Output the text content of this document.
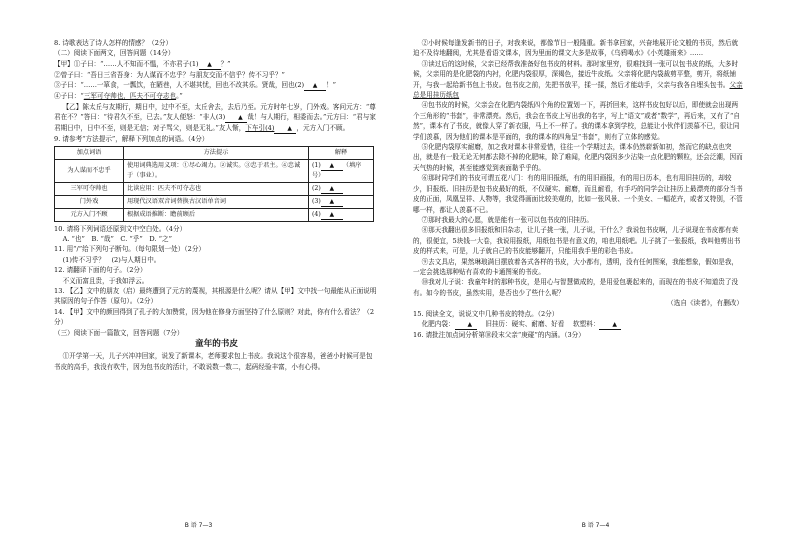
8. 诗歌表达了诗人怎样的情感？（2分）

（二）阅读下面两文，回答问题（14分）

【甲】①子曰：“……人不知而不愠，不亦君子(1) ▲ ？”

②曾子曰：“吾日三省吾身：为人谋而不忠乎？与朋友交而不信乎？传不习乎？”

③子曰：“……一箪食，一瓢饮，在陋巷，人不堪其忧，回也不改其乐。贤哉，回也(2) ▲ ！”

④子曰：“三军可夺帅也，匹夫不可夺志也。”

【乙】陈太丘与友期行，期日中，过中不至，太丘舍去，去后乃至。元方时年七岁，门外戏。客问元方：“尊君在不？”答曰：“待君久不至，已去。”友人便怒：“非人(3) ▲ 哉！与人期行，相委而去。”元方曰：“君与家君期日中，日中不至，则是无信；对子骂父，则是无礼。”友人惭，下车引(4) ▲ ，元方入门不顾。

9. 请参考“方法提示”，解释下列加点的词语。（4分）

加点词语	方法提示	解释
为人谋而不忠乎	使用词典选用义项：①尽心竭力。②诚实。③忠于君主。④忠诚于（事业）。	(1) ▲ （填序号）
三军可夺帅也	比读应用：匹夫不可夺志也	(2) ▲
门外戏	用现代汉语双音词替换古汉语单音词	(3) ▲
元方入门不顾	根据成语推断：瞻前顾后	(4) ▲

10. 请将下列词语还原到文中空白处。（4分）

A. “也”　B. “哉”　C. “乎”　D. “之”

11. 用“/”给下列句子断句。（每句限划一处）（2分）

(1)传不习乎？　(2)与人期日中。

12. 请翻译下面的句子。（2分）

不义而富且贵，于我如浮云。

13. 【乙】文中的朋友（启）最终遭到了元方的蔑视，其根源是什么呢？请从【甲】文中找一句最能从正面说明其原因的句子作答（原句）。（2分）

14. 【甲】文中的颜回得到了孔子的大加赞赏，因为他在修身方面坚持了什么原则？对此，你有什么看法？（2分）

（三）阅读下面一篇散文，回答问题（7分）

童年的书皮

①开学第一天，儿子兴冲冲回家，说发了新课本，老师要求包上书皮。我说这个很容易，爸爸小时候可是包书皮的高手，我没有吹牛，因为包书皮的活计，不敢说数一数二，起码经验丰富，小有心得。

B 语 7—3

②小时候每逢发新书的日子，对我来说，都像节日一般隆重。新书拿回家，兴奋地展开论文般的书页，然后就迫不及待地翻阅，尤其是看语文课本，因为里面的课文大多是故事，《乌鸦喝水》《小英雄雨来》……

③读过后的这时候，父亲已经帮我准备好包书皮的材料。那时家里穷，很难找到一张可以包书皮的纸，大多时候，父亲用的是化肥袋的内衬，化肥内袋很厚，深褐色，接近牛皮纸。父亲将化肥内袋裁剪平整，剪开，将纸铺开，与我一起给新书包上书皮。包书皮之前，先把书放平，揉一揉，然后才能动手，父亲与我各自埋头包书。父亲总是用挂历纸包

④包书皮的时候，父亲会在化肥内袋纸四个角的位置划一下，再折回来，这样书皮包好以后，即使就会出现两个三角形的“书套”，非常漂亮。然后，我会在书皮上写出我的名字，写上“语文”或者“数学”，再后来，又有了“自然”，课本有了书皮，就像人穿了新衣服，马上不一样了。我的课本拿到学校，总能让小伙伴们羡慕不已，很让同学们羡慕，因为他们的课本是平面的，我的课本的四角呈“书套”，则有了立体的感觉。

⑤化肥内袋厚实耐磨，加之我对课本非常爱惜，往往一个学期过去，课本仍然崭新如初，然而它的缺点也突出，就是有一股无论无何都去除不掉的化肥味，除了难闻，化肥内袋因多少沾染一点化肥的颗粒，还会泛潮，因而天气热的时候，甚至能感觉到表面黏乎乎的。

⑥那时同学们的书皮可谓五花八门：有的用旧报纸，有的用旧画报，有的用日历本，也有用旧挂历的，却较少，旧报纸、旧挂历是包书皮最好的纸，不仅硬实、耐磨，而且耐看，有手巧的同学会让挂历上最漂亮的部分当书皮的正面，凤凰呈祥、人物等，我觉得画面比较美观的，比如一张风景、一个美女、一幅花卉，或者又特别，不管哪一样，都让人羡慕不已。

⑦那时我最大的心愿，就是能有一张可以包书皮的旧挂历。

⑧那天我翻出很多旧报纸和旧杂志，让儿子挑一张，儿子说，干什么？我说包书皮啊，儿子说现在书皮都有卖的，很便宜，5块钱一大卷，我说用报纸，用纸包书是有意义的，咱也用纸吧。儿子挑了一张报纸，我叫他剪出书皮的样式来，可是，儿子就自己的书皮能够翻开，只能用我手里的彩色书皮。

⑨去文具店，果然琳琅满目摆放着各式各样的书皮，大小都有，透明，没有任何图案，我能想象，假如是我，一定会挑选那种贴有喜欢的卡通图案的书皮。

⑩我对儿子说：我童年时的那种书皮，是用心与智慧做成的，是用爱包裹起来的，而现在的书皮不知道贵了没有。如今的书皮，虽然实用，是否也少了些什么呢？

（选自《读者》，有删改）

15. 阅读全文，说说文中几种书皮的特点。（2分）

化肥内袋： ▲　 旧挂历：硬实、耐磨、好看　 软塑料： ▲

16. 请批注加点词分析第⑩段末父亲“庚碰”的内涵。（3分）

B 语 7—4
